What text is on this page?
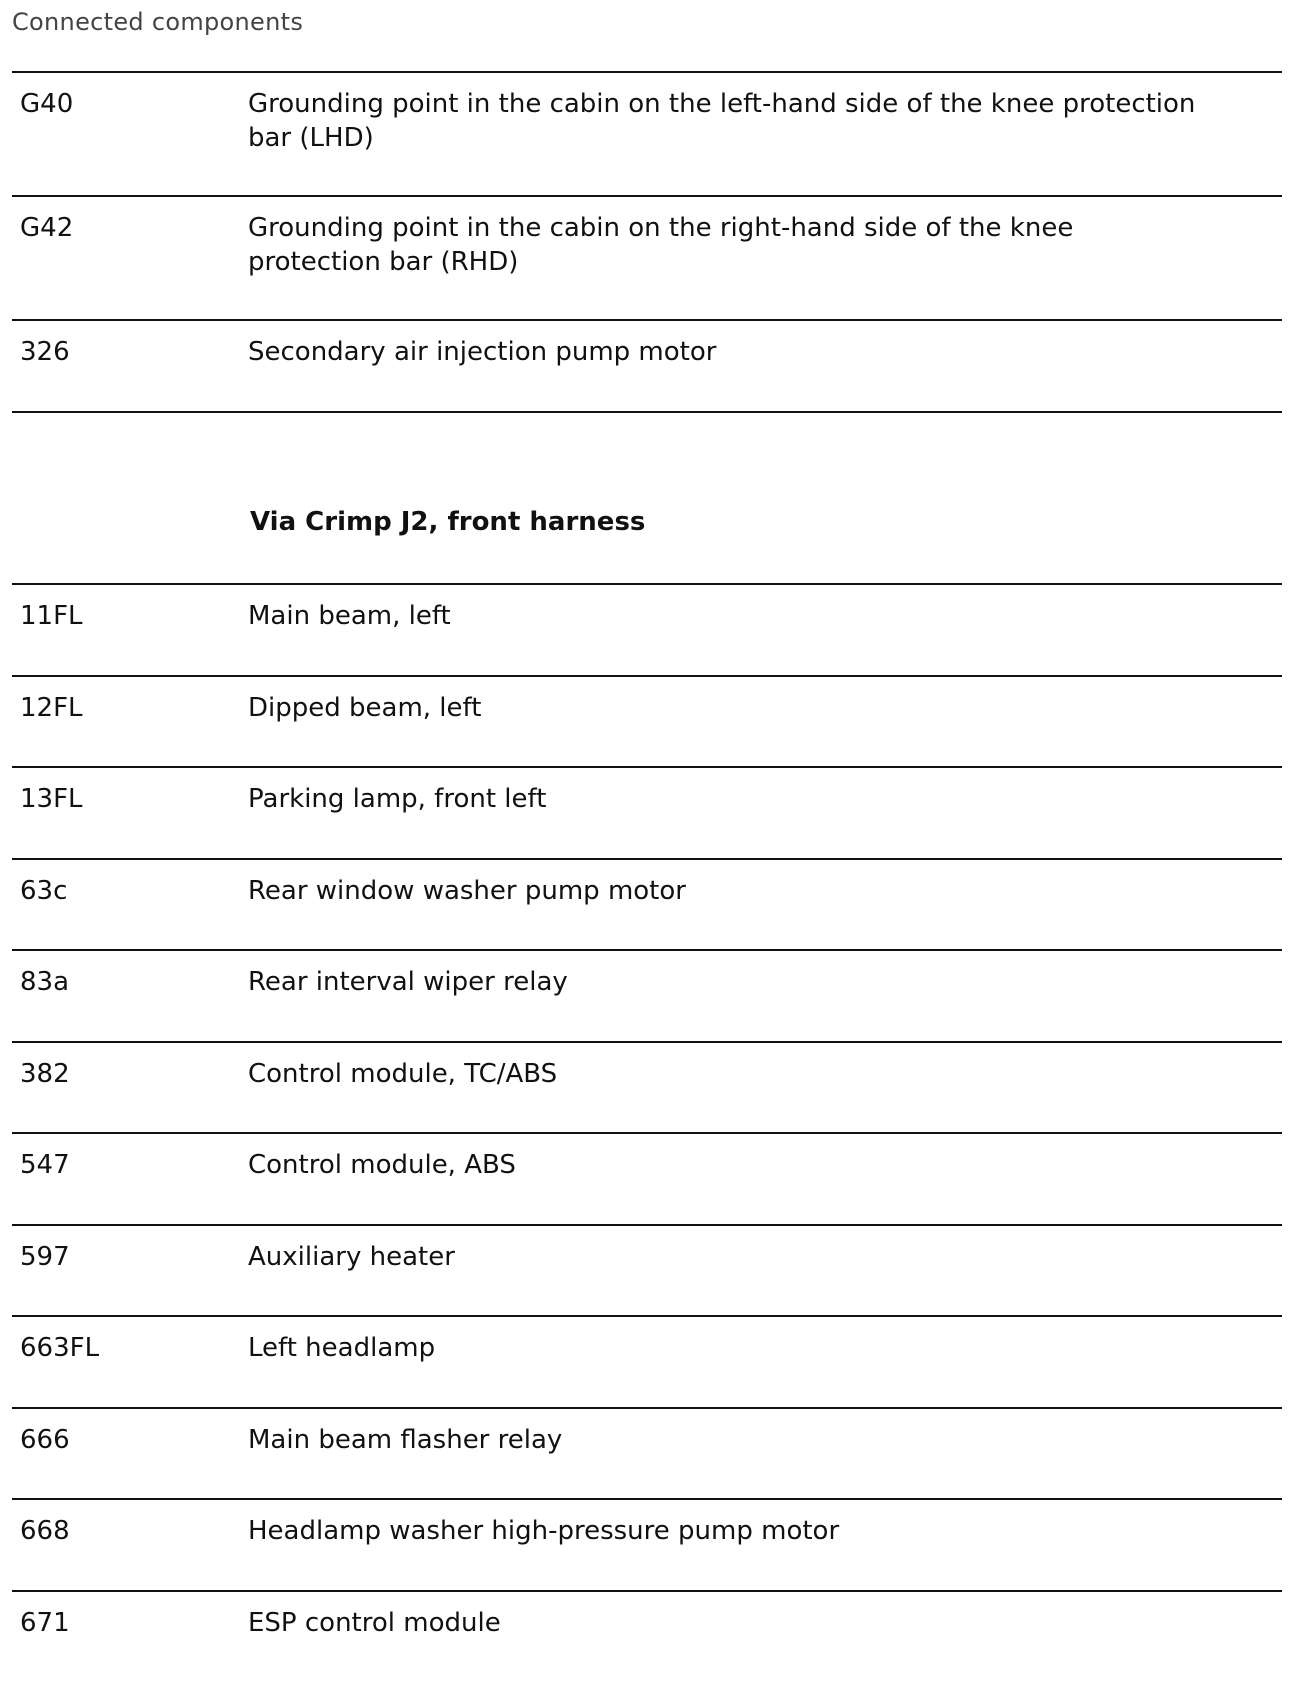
Connected components
G40	Grounding point in the cabin on the left-hand side of the knee protection bar (LHD)
G42	Grounding point in the cabin on the right-hand side of the knee protection bar (RHD)
326	Secondary air injection pump motor
Via Crimp J2, front harness
11FL	Main beam, left
12FL	Dipped beam, left
13FL	Parking lamp, front left
63c	Rear window washer pump motor
83a	Rear interval wiper relay
382	Control module, TC/ABS
547	Control module, ABS
597	Auxiliary heater
663FL	Left headlamp
666	Main beam flasher relay
668	Headlamp washer high-pressure pump motor
671	ESP control module
